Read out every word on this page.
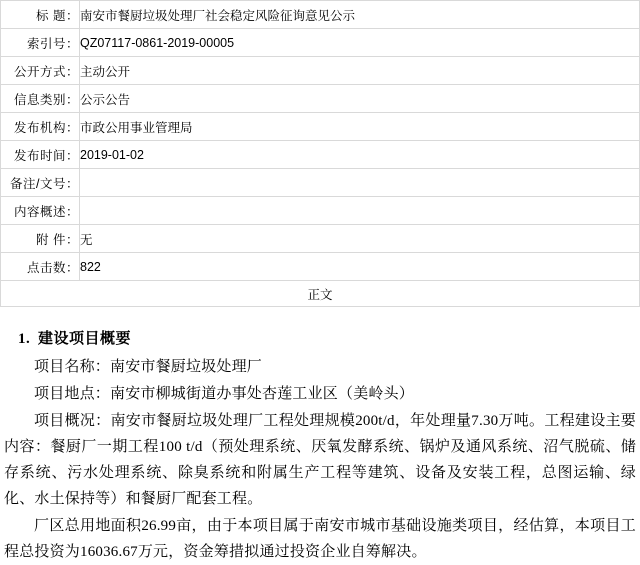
标 题：	南安市餐厨垃圾处理厂社会稳定风险征询意见公示
索引号：	QZ07117-0861-2019-00005
公开方式：	主动公开
信息类别：	公示公告
发布机构：	市政公用事业管理局
发布时间：	2019-01-02
备注/文号：	
内容概述：	
附 件：	无
点击数：	822
正文	
1. 建设项目概要

项目名称：南安市餐厨垃圾处理厂

项目地点：南安市柳城街道办事处杏莲工业区（美岭头）

项目概况：南安市餐厨垃圾处理厂工程处理规模200t/d，年处理量7.30万吨。工程建设主要内容：餐厨厂一期工程100 t/d（预处理系统、厌氧发酵系统、锅炉及通风系统、沼气脱硫、储存系统、污水处理系统、除臭系统和附属生产工程等建筑、设备及安装工程，总图运输、绿化、水土保持等）和餐厨厂配套工程。

厂区总用地面积26.99亩，由于本项目属于南安市城市基础设施类项目，经估算，本项目工程总投资为16036.67万元，资金筹措拟通过投资企业自筹解决。
